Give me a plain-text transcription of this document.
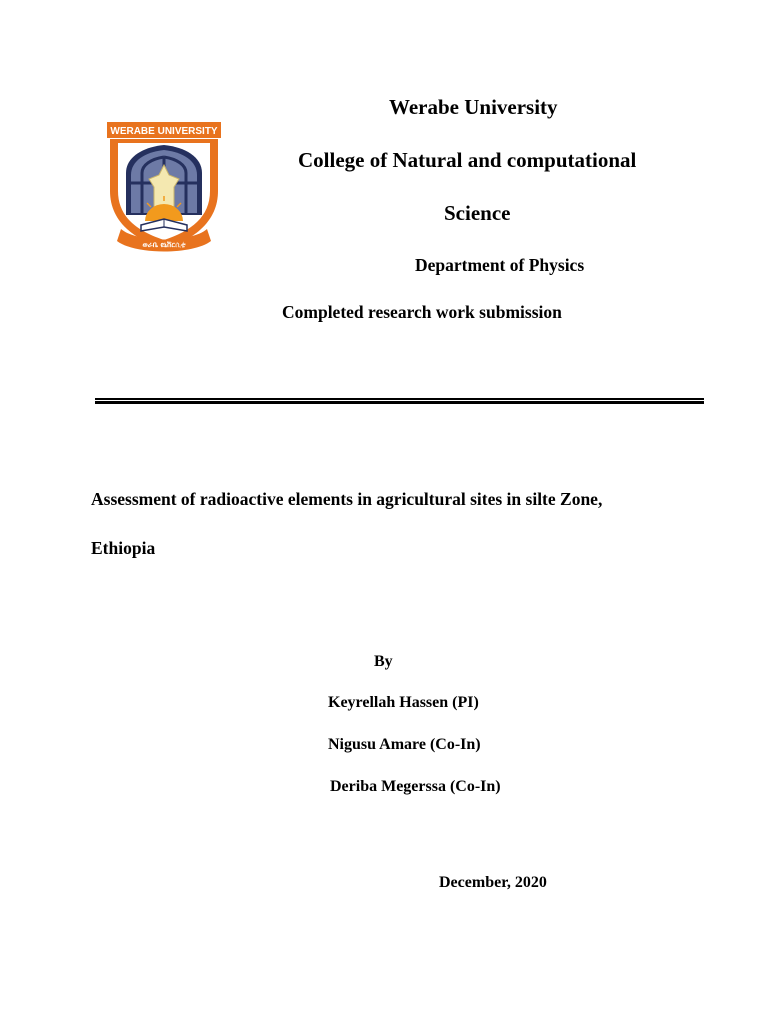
WERABE UNIVERSITY
ወራቤ ዩኒቨርሲቲ
Werabe University
College of Natural and computational
Science
Department of Physics
Completed research work submission
Assessment of radioactive elements in agricultural sites in silte Zone,
Ethiopia
By
Keyrellah Hassen (PI)
Nigusu Amare (Co-In)
Deriba Megerssa (Co-In)
December, 2020
